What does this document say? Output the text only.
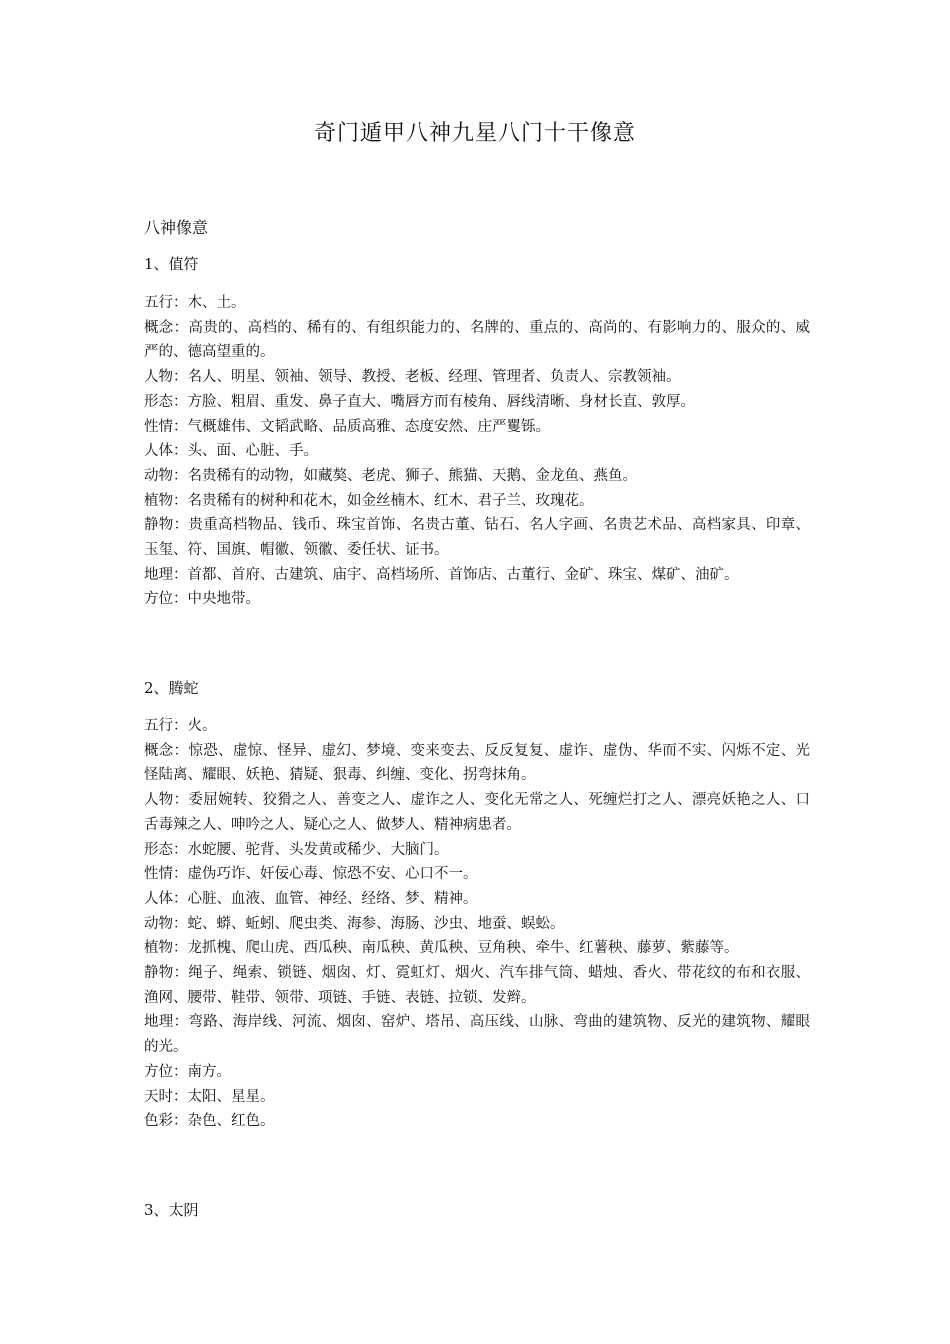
奇门遁甲八神九星八门十干像意
八神像意

1、值符

五行：木、土。
概念：高贵的、高档的、稀有的、有组织能力的、名牌的、重点的、高尚的、有影响力的、服众的、威严的、德高望重的。
人物：名人、明星、领袖、领导、教授、老板、经理、管理者、负责人、宗教领袖。
形态：方脸、粗眉、重发、鼻子直大、嘴唇方而有棱角、唇线清晰、身材长直、敦厚。
性情：气概雄伟、文韬武略、品质高雅、态度安然、庄严矍铄。
人体：头、面、心脏、手。
动物：名贵稀有的动物，如藏獒、老虎、狮子、熊猫、天鹅、金龙鱼、燕鱼。
植物：名贵稀有的树种和花木，如金丝楠木、红木、君子兰、玫瑰花。
静物：贵重高档物品、钱币、珠宝首饰、名贵古董、钻石、名人字画、名贵艺术品、高档家具、印章、玉玺、符、国旗、帽徽、领徽、委任状、证书。
地理：首都、首府、古建筑、庙宇、高档场所、首饰店、古董行、金矿、珠宝、煤矿、油矿。
方位：中央地带。

2、腾蛇

五行：火。
概念：惊恐、虚惊、怪异、虚幻、梦境、变来变去、反反复复、虚诈、虚伪、华而不实、闪烁不定、光怪陆离、耀眼、妖艳、猜疑、狠毒、纠缠、变化、拐弯抹角。
人物：委屈婉转、狡猾之人、善变之人、虚诈之人、变化无常之人、死缠烂打之人、漂亮妖艳之人、口舌毒辣之人、呻吟之人、疑心之人、做梦人、精神病患者。
形态：水蛇腰、驼背、头发黄或稀少、大脑门。
性情：虚伪巧诈、奸佞心毒、惊恐不安、心口不一。
人体：心脏、血液、血管、神经、经络、梦、精神。
动物：蛇、蟒、蚯蚓、爬虫类、海参、海肠、沙虫、地蚕、蜈蚣。
植物：龙抓槐、爬山虎、西瓜秧、南瓜秧、黄瓜秧、豆角秧、牵牛、红薯秧、藤萝、紫藤等。
静物：绳子、绳索、锁链、烟囱、灯、霓虹灯、烟火、汽车排气筒、蜡烛、香火、带花纹的布和衣服、渔网、腰带、鞋带、领带、项链、手链、表链、拉锁、发辫。
地理：弯路、海岸线、河流、烟囱、窑炉、塔吊、高压线、山脉、弯曲的建筑物、反光的建筑物、耀眼的光。
方位：南方。
天时：太阳、星星。
色彩：杂色、红色。

3、太阴
